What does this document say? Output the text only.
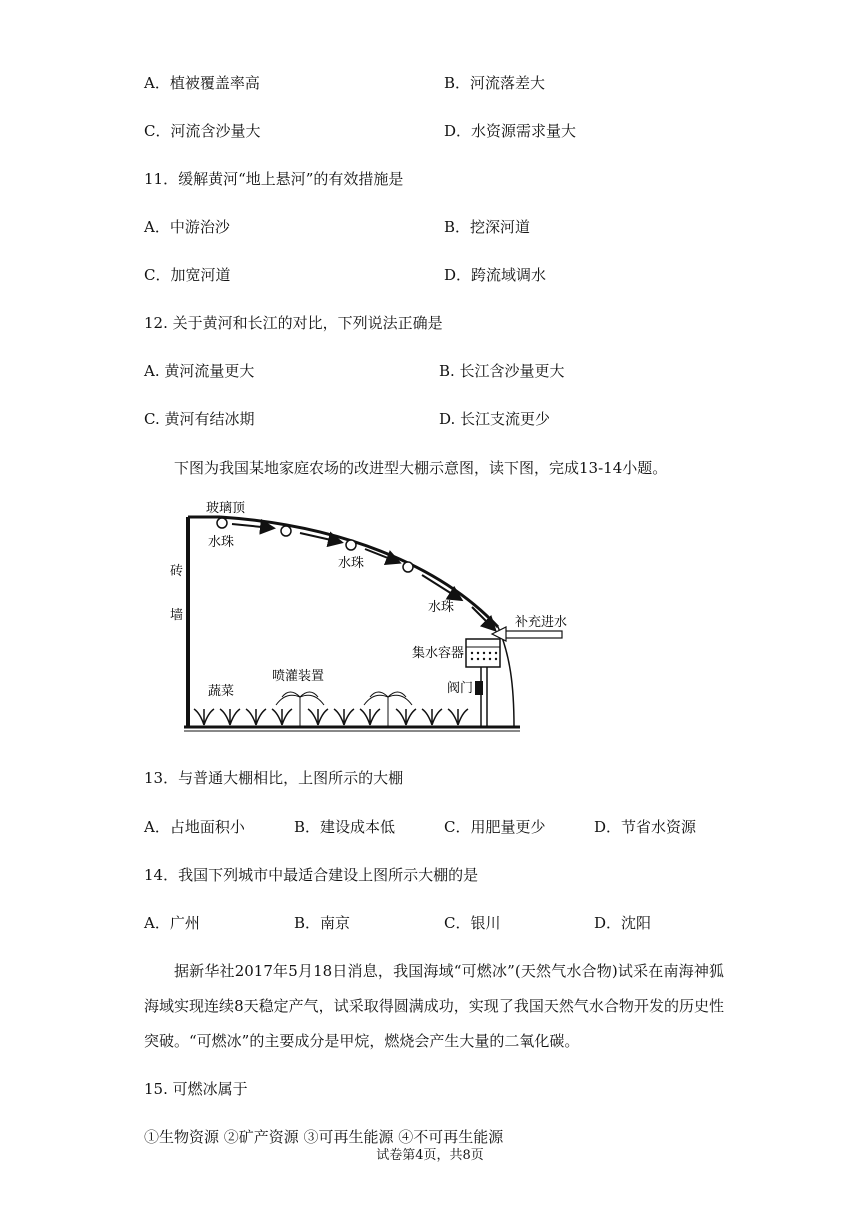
A．植被覆盖率高	B．河流落差大
C．河流含沙量大	D．水资源需求量大
11．缓解黄河“地上悬河”的有效措施是
A．中游治沙	B．挖深河道
C．加宽河道	D．跨流域调水
12. 关于黄河和长江的对比，下列说法正确是
A. 黄河流量更大	B. 长江含沙量更大
C. 黄河有结冰期	D. 长江支流更少
下图为我国某地家庭农场的改进型大棚示意图，读下图，完成13-14小题。
玻璃顶
水珠
水珠
水珠
砖
墙	补充进水
集水容器
喷灌装置
阀门
蔬菜
13．与普通大棚相比，上图所示的大棚
A．占地面积小	B．建设成本低	C．用肥量更少	D．节省水资源
14．我国下列城市中最适合建设上图所示大棚的是
A．广州	B．南京	C．银川	D．沈阳
据新华社2017年5月18日消息，我国海域“可燃冰”(天然气水合物)试采在南海神狐海域实现连续8天稳定产气，试采取得圆满成功，实现了我国天然气水合物开发的历史性突破。“可燃冰”的主要成分是甲烷，燃烧会产生大量的二氧化碳。
15. 可燃冰属于
①生物资源 ②矿产资源 ③可再生能源 ④不可再生能源
试卷第4页，共8页
